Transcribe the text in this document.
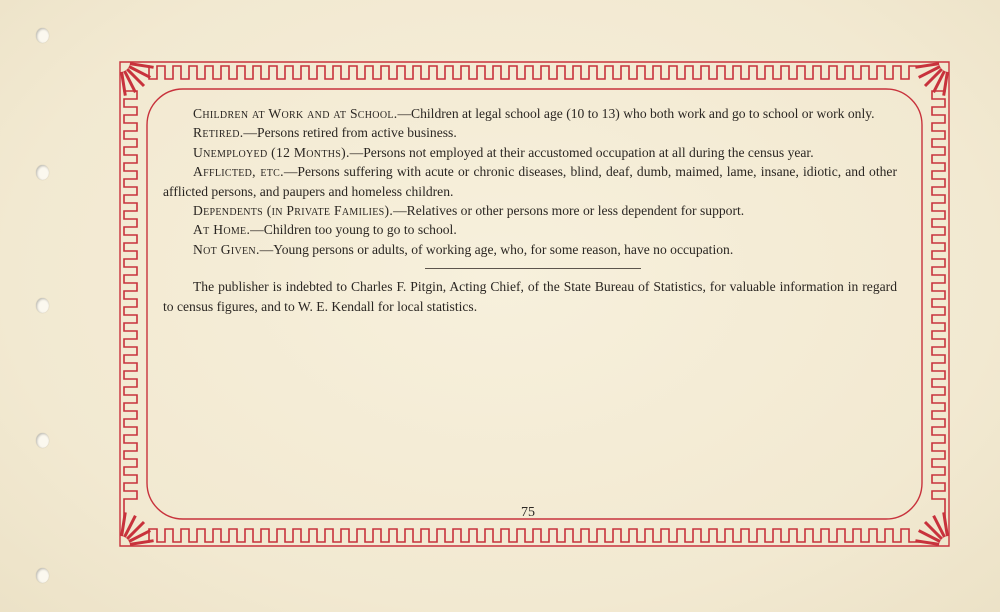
Children at Work and at School.—Children at legal school age (10 to 13) who both work and go to school or work only.

Retired.—Persons retired from active business.

Unemployed (12 Months).—Persons not employed at their accustomed occupation at all during the census year.

Afflicted, etc.—Persons suffering with acute or chronic diseases, blind, deaf, dumb, maimed, lame, insane, idiotic, and other afflicted persons, and paupers and homeless children.

Dependents (in Private Families).—Relatives or other persons more or less dependent for support.

At Home.—Children too young to go to school.

Not Given.—Young persons or adults, of working age, who, for some reason, have no occupation.

The publisher is indebted to Charles F. Pitgin, Acting Chief, of the State Bureau of Statistics, for valuable information in regard to census figures, and to W. E. Kendall for local statistics.

75
